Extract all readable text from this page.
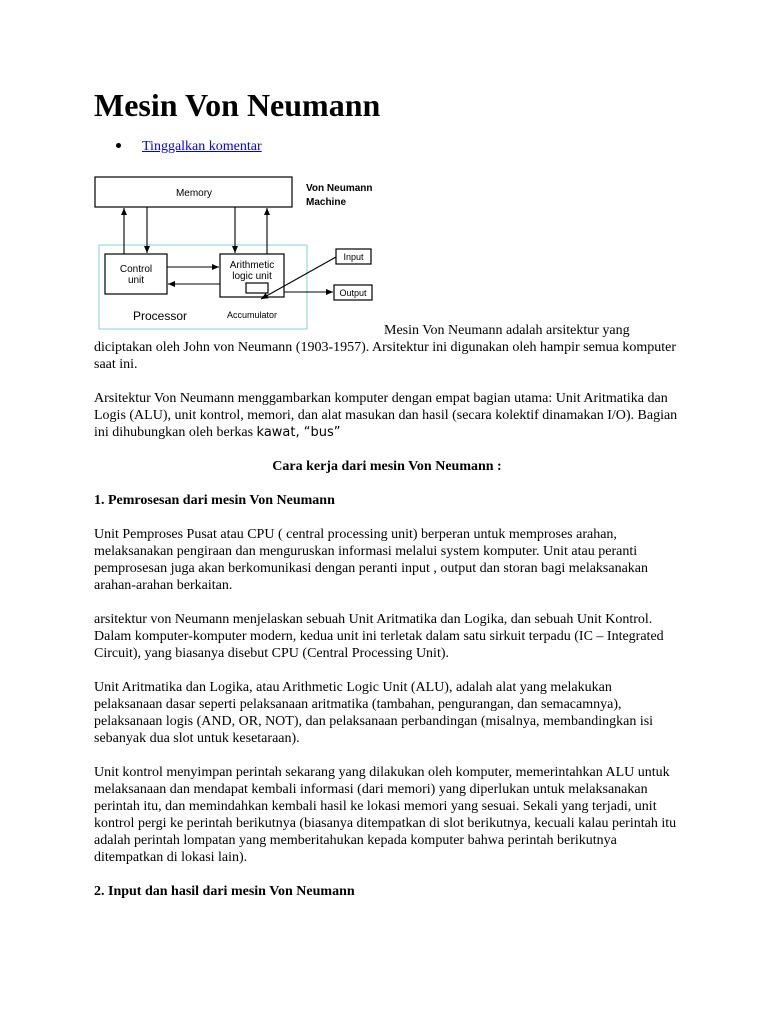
Mesin Von Neumann
Tinggalkan komentar
Memory	Von Neumann
Machine
Control
unit
Arithmetic
logic unit
Input
Output
Processor	Accumulator
Mesin Von Neumann adalah arsitektur yang

diciptakan oleh John von Neumann (1903-1957). Arsitektur ini digunakan oleh hampir semua komputer saat ini.

Arsitektur Von Neumann menggambarkan komputer dengan empat bagian utama: Unit Aritmatika dan Logis (ALU), unit kontrol, memori, dan alat masukan dan hasil (secara kolektif dinamakan I/O). Bagian ini dihubungkan oleh berkas kawat, “bus”

Cara kerja dari mesin Von Neumann :

1. Pemrosesan dari mesin Von Neumann

Unit Pemproses Pusat atau CPU ( central processing unit) berperan untuk memproses arahan, melaksanakan pengiraan dan menguruskan informasi melalui system komputer. Unit atau peranti pemprosesan juga akan berkomunikasi dengan peranti input , output dan storan bagi melaksanakan arahan-arahan berkaitan.

arsitektur von Neumann menjelaskan sebuah Unit Aritmatika dan Logika, dan sebuah Unit Kontrol. Dalam komputer-komputer modern, kedua unit ini terletak dalam satu sirkuit terpadu (IC – Integrated Circuit), yang biasanya disebut CPU (Central Processing Unit).

Unit Aritmatika dan Logika, atau Arithmetic Logic Unit (ALU), adalah alat yang melakukan pelaksanaan dasar seperti pelaksanaan aritmatika (tambahan, pengurangan, dan semacamnya), pelaksanaan logis (AND, OR, NOT), dan pelaksanaan perbandingan (misalnya, membandingkan isi sebanyak dua slot untuk kesetaraan).

Unit kontrol menyimpan perintah sekarang yang dilakukan oleh komputer, memerintahkan ALU untuk melaksanaan dan mendapat kembali informasi (dari memori) yang diperlukan untuk melaksanakan perintah itu, dan memindahkan kembali hasil ke lokasi memori yang sesuai. Sekali yang terjadi, unit kontrol pergi ke perintah berikutnya (biasanya ditempatkan di slot berikutnya, kecuali kalau perintah itu adalah perintah lompatan yang memberitahukan kepada komputer bahwa perintah berikutnya ditempatkan di lokasi lain).

2. Input dan hasil dari mesin Von Neumann
